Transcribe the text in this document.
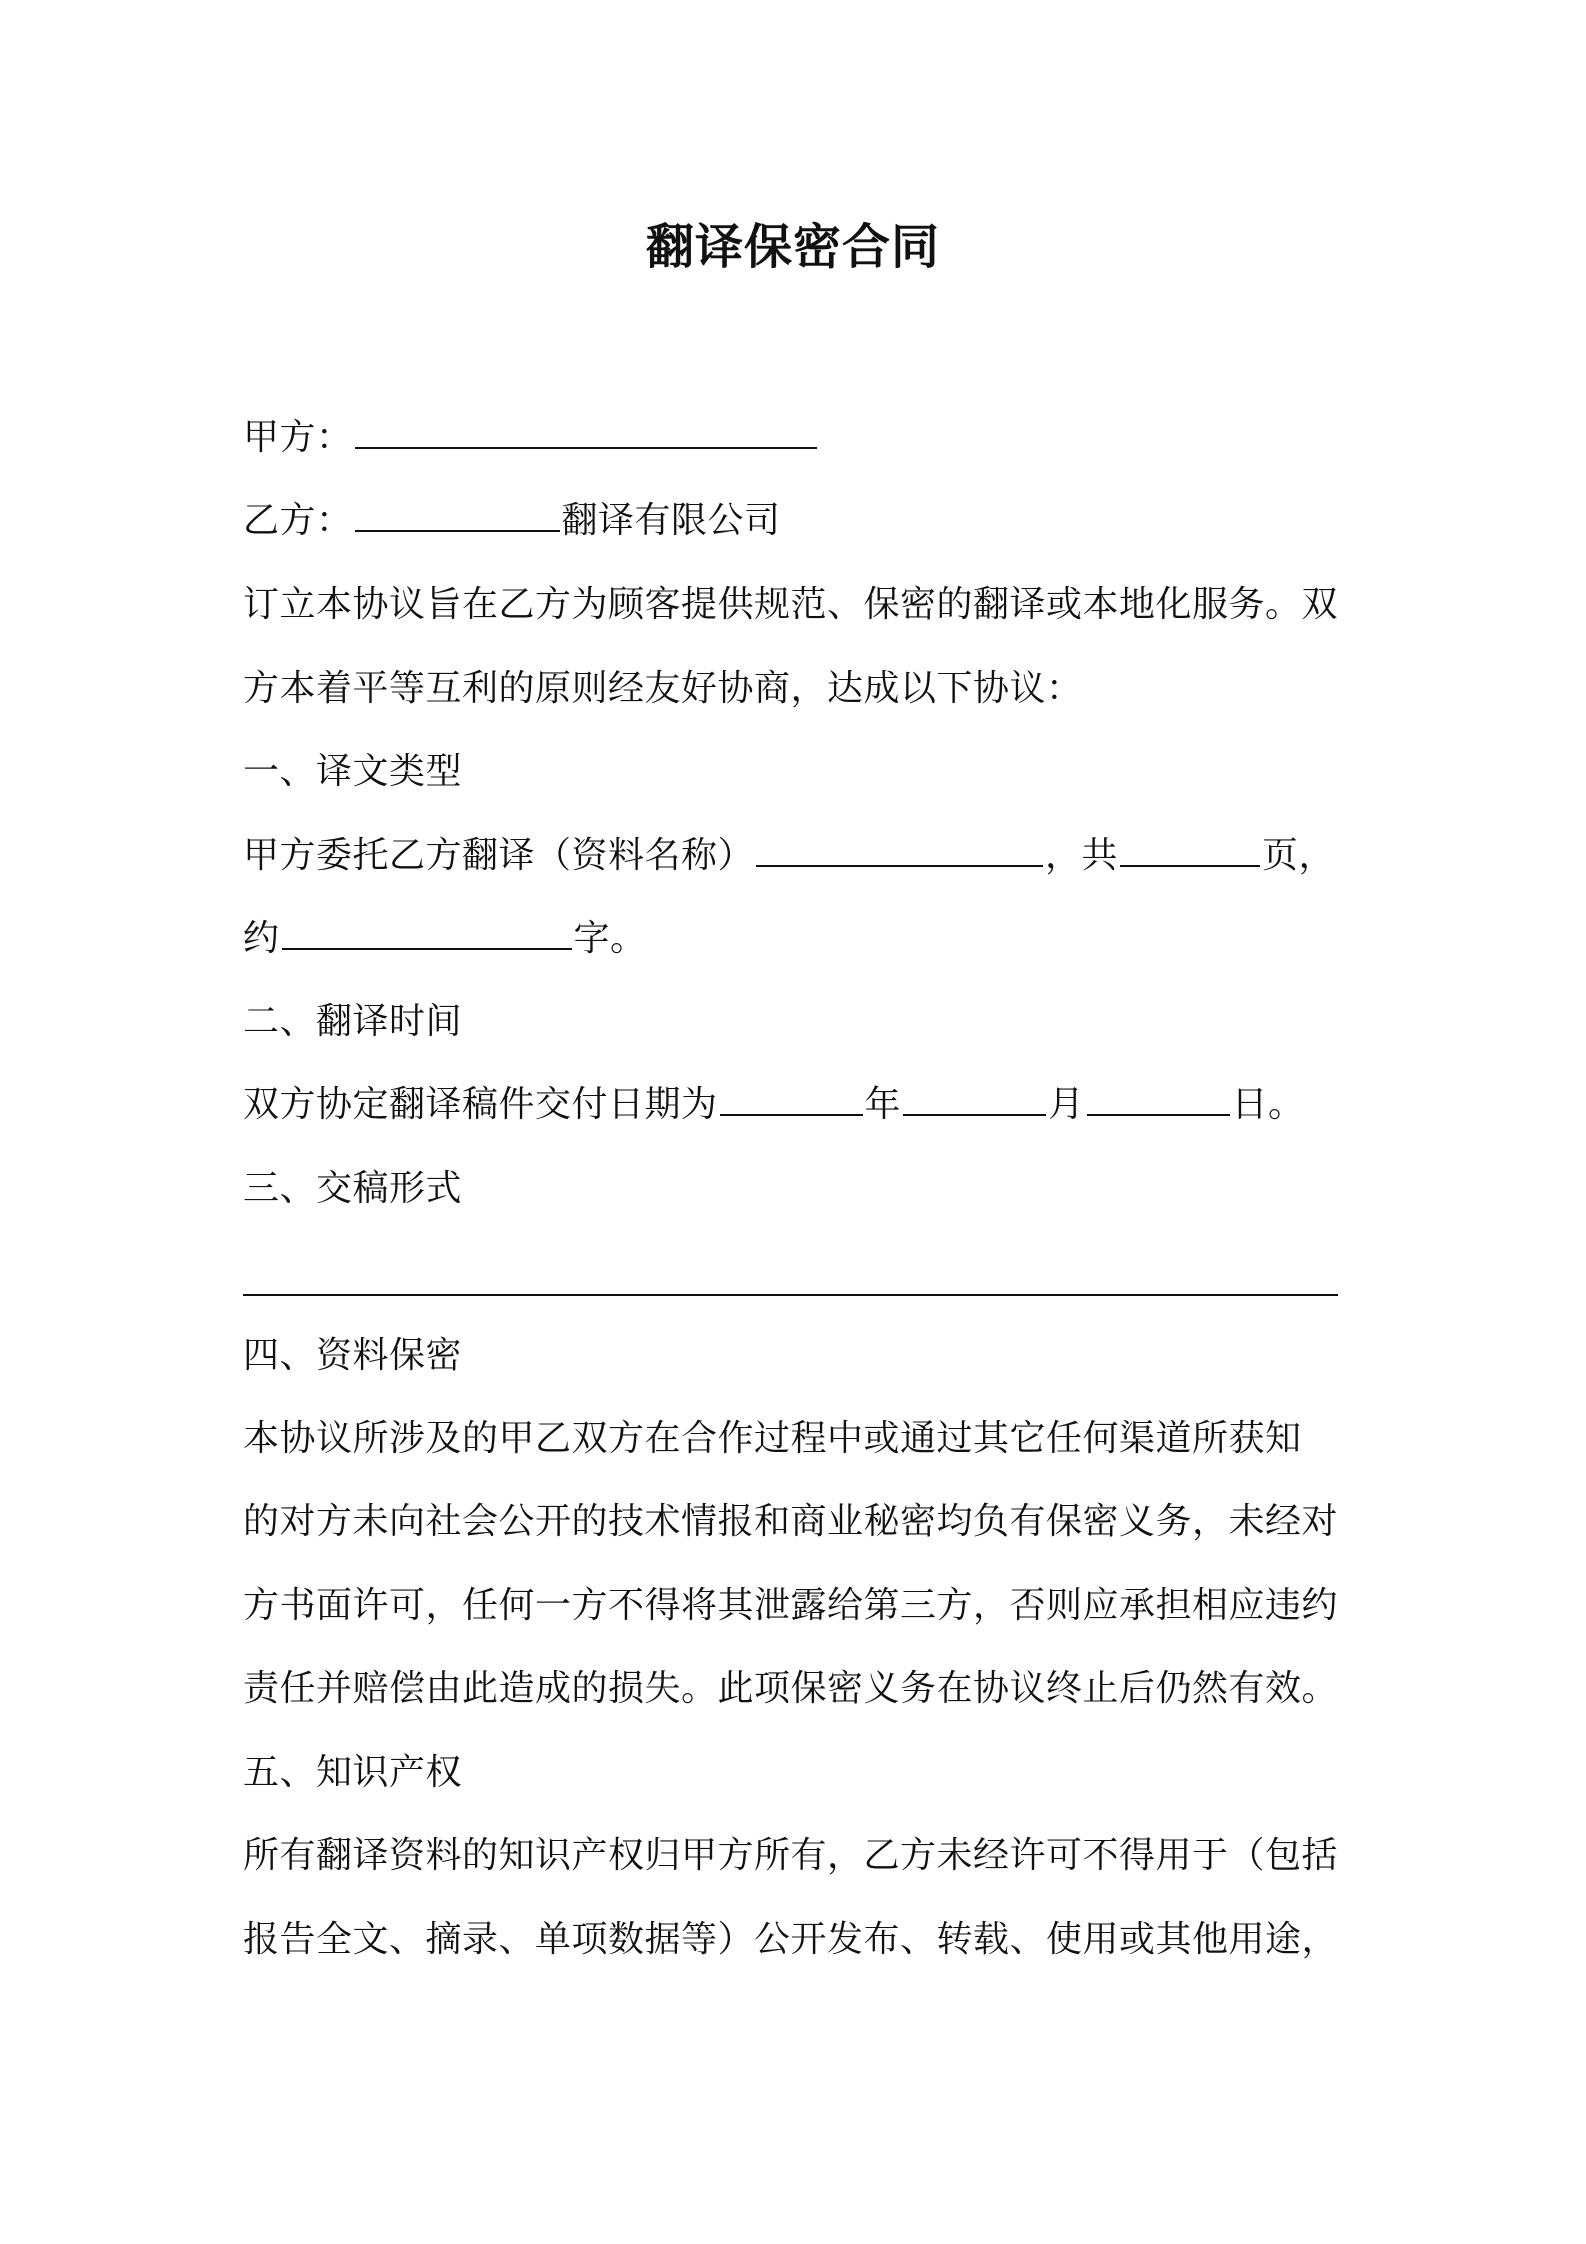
翻译保密合同
甲方：
乙方：	翻译有限公司
订立本协议旨在乙方为顾客提供规范、保密的翻译或本地化服务。双
方本着平等互利的原则经友好协商，达成以下协议：
一、译文类型
甲方委托乙方翻译（资料名称）	，共	页，
约	字。
二、翻译时间
双方协定翻译稿件交付日期为	年	月	日。
三、交稿形式
四、资料保密
本协议所涉及的甲乙双方在合作过程中或通过其它任何渠道所获知
的对方未向社会公开的技术情报和商业秘密均负有保密义务，未经对
方书面许可，任何一方不得将其泄露给第三方，否则应承担相应违约
责任并赔偿由此造成的损失。此项保密义务在协议终止后仍然有效。
五、知识产权
所有翻译资料的知识产权归甲方所有，乙方未经许可不得用于（包括
报告全文、摘录、单项数据等）公开发布、转载、使用或其他用途，
